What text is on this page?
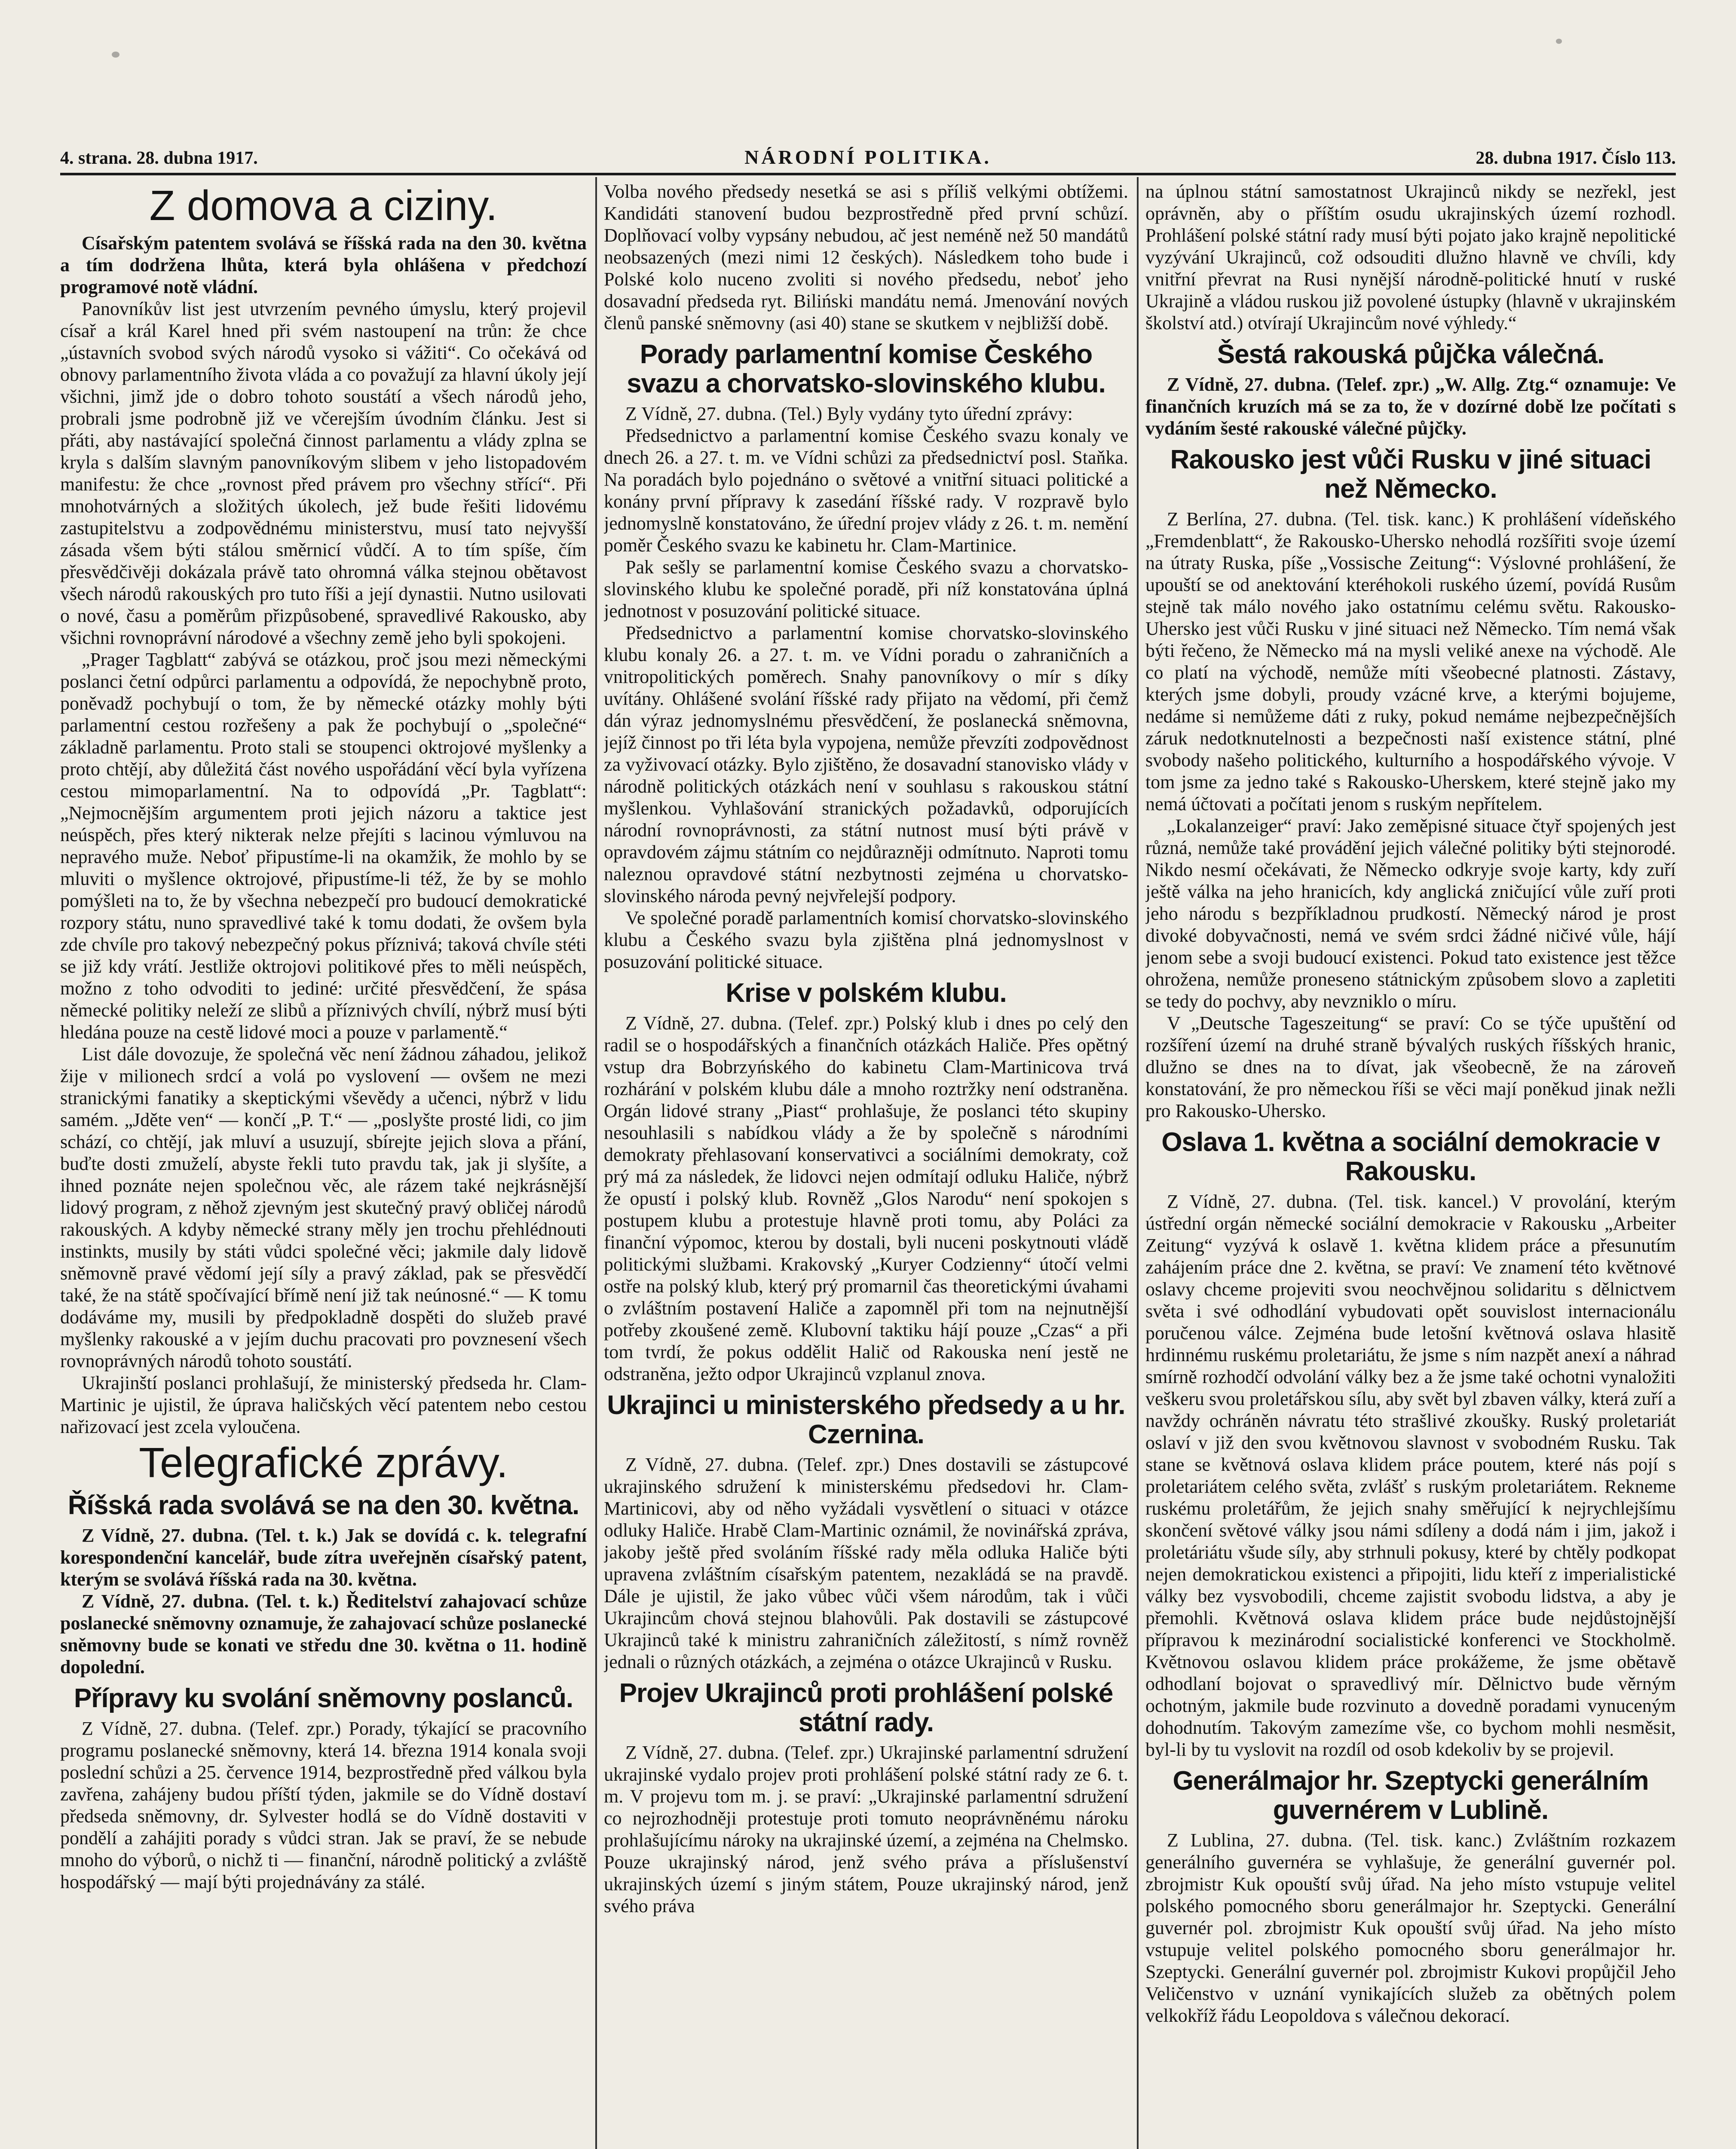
4. strana. 28. dubna 1917.	NÁRODNÍ POLITIKA.	28. dubna 1917. Číslo 113.
Z domova a ciziny.

Císařským patentem svolává se říšská rada na den 30. května a tím dodržena lhůta, která byla ohlášena v předchozí programové notě vládní.

Panovníkův list jest utvrzením pevného úmyslu, který projevil císař a král Karel hned při svém nastoupení na trůn: že chce „ústavních svobod svých národů vysoko si vážiti“. Co očekává od obnovy parlamentního života vláda a co považují za hlavní úkoly její všichni, jimž jde o dobro tohoto soustátí a všech národů jeho, probrali jsme podrobně již ve včerejším úvodním článku. Jest si přáti, aby nastávající společná činnost parlamentu a vlády zplna se kryla s dalším slavným panovníkovým slibem v jeho listopadovém manifestu: že chce „rovnost před právem pro všechny střící“. Při mnohotvárných a složitých úkolech, jež bude řešiti lidovému zastupitelstvu a zodpovědnému ministerstvu, musí tato nejvyšší zásada všem býti stálou směrnicí vůdčí. A to tím spíše, čím přesvědčivěji dokázala právě tato ohromná válka stejnou obětavost všech národů rakouských pro tuto říši a její dynastii. Nutno usilovati o nové, času a poměrům přizpůsobené, spravedlivé Rakousko, aby všichni rovnoprávní národové a všechny země jeho byli spokojeni.

„Prager Tagblatt“ zabývá se otázkou, proč jsou mezi německými poslanci četní odpůrci parlamentu a odpovídá, že nepochybně proto, poněvadž pochybují o tom, že by německé otázky mohly býti parlamentní cestou rozřešeny a pak že pochybují o „společné“ základně parlamentu. Proto stali se stoupenci oktrojové myšlenky a proto chtějí, aby důležitá část nového uspořádání věcí byla vyřízena cestou mimoparlamentní. Na to odpovídá „Pr. Tagblatt“: „Nejmocnějším argumentem proti jejich názoru a taktice jest neúspěch, přes který nikterak nelze přejíti s lacinou výmluvou na nepravého muže. Neboť připustíme-li na okamžik, že mohlo by se mluviti o myšlence oktrojové, připustíme-li též, že by se mohlo pomýšleti na to, že by všechna nebezpečí pro budoucí demokratické rozpory státu, nuno spravedlivé také k tomu dodati, že ovšem byla zde chvíle pro takový nebezpečný pokus příznivá; taková chvíle stéti se již kdy vrátí. Jestliže oktrojovi politikové přes to měli neúspěch, možno z toho odvoditi to jediné: určité přesvědčení, že spása německé politiky neleží ze slibů a příznivých chvílí, nýbrž musí býti hledána pouze na cestě lidové moci a pouze v parlamentě.“

List dále dovozuje, že společná věc není žádnou záhadou, jelikož žije v milionech srdcí a volá po vyslovení — ovšem ne mezi stranickými fanatiky a skeptickými vševědy a učenci, nýbrž v lidu samém. „Jděte ven“ — končí „P. T.“ — „poslyšte prosté lidi, co jim schází, co chtějí, jak mluví a usuzují, sbírejte jejich slova a přání, buďte dosti zmuželí, abyste řekli tuto pravdu tak, jak ji slyšíte, a ihned poznáte nejen společnou věc, ale rázem také nejkrásnější lidový program, z něhož zjevným jest skutečný pravý obličej národů rakouských. A kdyby německé strany měly jen trochu přehlédnouti instinkts, musily by státi vůdci společné věci; jakmile daly lidově sněmovně pravé vědomí její síly a pravý základ, pak se přesvědčí také, že na státě spočívající břímě není již tak neúnosné.“ — K tomu dodáváme my, musili by předpokladně dospěti do služeb pravé myšlenky rakouské a v jejím duchu pracovati pro povznesení všech rovnoprávných národů tohoto soustátí.

Ukrajinští poslanci prohlašují, že ministerský předseda hr. Clam-Martinic je ujistil, že úprava haličských věcí patentem nebo cestou nařizovací jest zcela vyloučena.

Telegrafické zprávy.
Říšská rada svolává se na den 30. května.

Z Vídně, 27. dubna. (Tel. t. k.) Jak se dovídá c. k. telegrafní korespondenční kancelář, bude zítra uveřejněn císařský patent, kterým se svolává říšská rada na 30. května.

Z Vídně, 27. dubna. (Tel. t. k.) Ředitelství zahajovací schůze poslanecké sněmovny oznamuje, že zahajovací schůze poslanecké sněmovny bude se konati ve středu dne 30. května o 11. hodině dopolední.

Přípravy ku svolání sněmovny poslanců.

Z Vídně, 27. dubna. (Telef. zpr.) Porady, týkající se pracovního programu poslanecké sněmovny, která 14. března 1914 konala svoji poslední schůzi a 25. července 1914, bezprostředně před válkou byla zavřena, zahájeny budou příští týden, jakmile se do Vídně dostaví předseda sněmovny, dr. Sylvester hodlá se do Vídně dostaviti v pondělí a zahájiti porady s vůdci stran. Jak se praví, že se nebude mnoho do výborů, o nichž ti — finanční, národně politický a zvláště hospodářský — mají býti projednávány za stálé.

Volba nového předsedy nesetká se asi s příliš velkými obtížemi. Kandidáti stanovení budou bezprostředně před první schůzí. Doplňovací volby vypsány nebudou, ač jest neméně než 50 mandátů neobsazených (mezi nimi 12 českých). Následkem toho bude i Polské kolo nuceno zvoliti si nového předsedu, neboť jeho dosavadní předseda ryt. Biliński mandátu nemá. Jmenování nových členů panské sněmovny (asi 40) stane se skutkem v nejbližší době.

Porady parlamentní komise Českého svazu a chorvatsko-slovinského klubu.

Z Vídně, 27. dubna. (Tel.) Byly vydány tyto úřední zprávy:

Předsednictvo a parlamentní komise Českého svazu konaly ve dnech 26. a 27. t. m. ve Vídni schůzi za předsednictví posl. Staňka. Na poradách bylo pojednáno o světové a vnitřní situaci politické a konány první přípravy k zasedání říšské rady. V rozpravě bylo jednomyslně konstatováno, že úřední projev vlády z 26. t. m. nemění poměr Českého svazu ke kabinetu hr. Clam-Martinice.

Pak sešly se parlamentní komise Českého svazu a chorvatsko-slovinského klubu ke společné poradě, při níž konstatována úplná jednotnost v posuzování politické situace.

Předsednictvo a parlamentní komise chorvatsko-slovinského klubu konaly 26. a 27. t. m. ve Vídni poradu o zahraničních a vnitropolitických poměrech. Snahy panovníkovy o mír s díky uvítány. Ohlášené svolání říšské rady přijato na vědomí, při čemž dán výraz jednomyslnému přesvědčení, že poslanecká sněmovna, jejíž činnost po tři léta byla vypojena, nemůže převzíti zodpovědnost za vyživovací otázky. Bylo zjištěno, že dosavadní stanovisko vlády v národně politických otázkách není v souhlasu s rakouskou státní myšlenkou. Vyhlašování stranických požadavků, odporujících národní rovnoprávnosti, za státní nutnost musí býti právě v opravdovém zájmu státním co nejdůrazněji odmítnuto. Naproti tomu naleznou opravdové státní nezbytnosti zejména u chorvatsko-slovinského národa pevný nejvřelejší podpory.

Ve společné poradě parlamentních komisí chorvatsko-slovinského klubu a Českého svazu byla zjištěna plná jednomyslnost v posuzování politické situace.

Krise v polském klubu.

Z Vídně, 27. dubna. (Telef. zpr.) Polský klub i dnes po celý den radil se o hospodářských a finančních otázkách Haliče. Přes opětný vstup dra Bobrzyńského do kabinetu Clam-Martinicova trvá rozhárání v polském klubu dále a mnoho roztržky není odstraněna. Orgán lidové strany „Piast“ prohlašuje, že poslanci této skupiny nesouhlasili s nabídkou vlády a že by společně s národními demokraty přehlasovaní konservativci a sociálními demokraty, což prý má za následek, že lidovci nejen odmítají odluku Haliče, nýbrž že opustí i polský klub. Rovněž „Glos Narodu“ není spokojen s postupem klubu a protestuje hlavně proti tomu, aby Poláci za finanční výpomoc, kterou by dostali, byli nuceni poskytnouti vládě politickými službami. Krakovský „Kuryer Codzienny“ útočí velmi ostře na polský klub, který prý promarnil čas theoretickými úvahami o zvláštním postavení Haliče a zapomněl při tom na nejnutnější potřeby zkoušené země. Klubovní taktiku hájí pouze „Czas“ a při tom tvrdí, že pokus oddělit Halič od Rakouska není jestě ne odstraněna, ježto odpor Ukrajinců vzplanul znova.

Ukrajinci u ministerského předsedy a u hr. Czernina.

Z Vídně, 27. dubna. (Telef. zpr.) Dnes dostavili se zástupcové ukrajinského sdružení k ministerskému předsedovi hr. Clam-Martinicovi, aby od něho vyžádali vysvětlení o situaci v otázce odluky Haliče. Hrabě Clam-Martinic oznámil, že novinářská zpráva, jakoby ještě před svoláním říšské rady měla odluka Haliče býti upravena zvláštním císařským patentem, nezakládá se na pravdě. Dále je ujistil, že jako vůbec vůči všem národům, tak i vůči Ukrajincům chová stejnou blahovůli. Pak dostavili se zástupcové Ukrajinců také k ministru zahraničních záležitostí, s nímž rovněž jednali o různých otázkách, a zejména o otázce Ukrajinců v Rusku.

Projev Ukrajinců proti prohlášení polské státní rady.

Z Vídně, 27. dubna. (Telef. zpr.) Ukrajinské parlamentní sdružení ukrajinské vydalo projev proti prohlášení polské státní rady ze 6. t. m. V projevu tom m. j. se praví: „Ukrajinské parlamentní sdružení co nejrozhodněji protestuje proti tomuto neoprávněnému nároku prohlašujícímu nároky na ukrajinské území, a zejména na Chelmsko. Pouze ukrajinský národ, jenž svého práva a příslušenství ukrajinských území s jiným státem, Pouze ukrajinský národ, jenž svého práva

na úplnou státní samostatnost Ukrajinců nikdy se nezřekl, jest oprávněn, aby o příštím osudu ukrajinských území rozhodl. Prohlášení polské státní rady musí býti pojato jako krajně nepolitické vyzývání Ukrajinců, což odsouditi dlužno hlavně ve chvíli, kdy vnitřní převrat na Rusi nynější národně-politické hnutí v ruské Ukrajině a vládou ruskou již povolené ústupky (hlavně v ukrajinském školství atd.) otvírají Ukrajincům nové výhledy.“

Šestá rakouská půjčka válečná.

Z Vídně, 27. dubna. (Telef. zpr.) „W. Allg. Ztg.“ oznamuje: Ve finančních kruzích má se za to, že v dozírné době lze počítati s vydáním šesté rakouské válečné půjčky.

Rakousko jest vůči Rusku v jiné situaci než Německo.

Z Berlína, 27. dubna. (Tel. tisk. kanc.) K prohlášení vídeňského „Fremdenblatt“, že Rakousko-Uhersko nehodlá rozšířiti svoje území na útraty Ruska, píše „Vossische Zeitung“: Výslovné prohlášení, že upouští se od anektování kteréhokoli ruského území, povídá Rusům stejně tak málo nového jako ostatnímu celému světu. Rakousko-Uhersko jest vůči Rusku v jiné situaci než Německo. Tím nemá však býti řečeno, že Německo má na mysli veliké anexe na východě. Ale co platí na východě, nemůže míti všeobecné platnosti. Zástavy, kterých jsme dobyli, proudy vzácné krve, a kterými bojujeme, nedáme si nemůžeme dáti z ruky, pokud nemáme nejbezpečnějších záruk nedotknutelnosti a bezpečnosti naší existence státní, plné svobody našeho politického, kulturního a hospodářského vývoje. V tom jsme za jedno také s Rakousko-Uherskem, které stejně jako my nemá účtovati a počítati jenom s ruským nepřítelem.

„Lokalanzeiger“ praví: Jako zeměpisné situace čtyř spojených jest různá, nemůže také provádění jejich válečné politiky býti stejnorodé. Nikdo nesmí očekávati, že Německo odkryje svoje karty, kdy zuří ještě válka na jeho hranicích, kdy anglická zničující vůle zuří proti jeho národu s bezpříkladnou prudkostí. Německý národ je prost divoké dobyvačnosti, nemá ve svém srdci žádné ničivé vůle, hájí jenom sebe a svoji budoucí existenci. Pokud tato existence jest těžce ohrožena, nemůže proneseno státnickým způsobem slovo a zapletiti se tedy do pochvy, aby nevzniklo o míru.

V „Deutsche Tageszeitung“ se praví: Co se týče upuštění od rozšíření území na druhé straně bývalých ruských říšských hranic, dlužno se dnes na to dívat, jak všeobecně, že na zároveň konstatování, že pro německou říši se věci mají poněkud jinak nežli pro Rakousko-Uhersko.

Oslava 1. května a sociální demokracie v Rakousku.

Z Vídně, 27. dubna. (Tel. tisk. kancel.) V provolání, kterým ústřední orgán německé sociální demokracie v Rakousku „Arbeiter Zeitung“ vyzývá k oslavě 1. května klidem práce a přesunutím zahájením práce dne 2. května, se praví: Ve znamení této květnové oslavy chceme projeviti svou neochvějnou solidaritu s dělnictvem světa i své odhodlání vybudovati opět souvislost internacionálu poručenou válce. Zejména bude letošní květnová oslava hlasitě hrdinnému ruskému proletariátu, že jsme s ním nazpět anexí a náhrad smírně rozhodčí odvolání války bez a že jsme také ochotni vynaložiti veškeru svou proletářskou sílu, aby svět byl zbaven války, která zuří a navždy ochráněn návratu této strašlivé zkoušky. Ruský proletariát oslaví v již den svou květnovou slavnost v svobodném Rusku. Tak stane se květnová oslava klidem práce poutem, které nás pojí s proletariátem celého světa, zvlášť s ruským proletariátem. Rekneme ruskému proletářům, že jejich snahy směřující k nejrychlejšímu skončení světové války jsou námi sdíleny a dodá nám i jim, jakož i proletáriátu všude síly, aby strhnuli pokusy, které by chtěly podkopat nejen demokratickou existenci a připojiti, lidu kteří z imperialistické války bez vysvobodili, chceme zajistit svobodu lidstva, a aby je přemohli. Květnová oslava klidem práce bude nejdůstojnější přípravou k mezinárodní socialistické konferenci ve Stockholmě. Květnovou oslavou klidem práce prokážeme, že jsme obětavě odhodlaní bojovat o spravedlivý mír. Dělnictvo bude věrným ochotným, jakmile bude rozvinuto a dovedně poradami vynuceným dohodnutím. Takovým zamezíme vše, co bychom mohli nesměsit, byl-li by tu vyslovit na rozdíl od osob kdekoliv by se projevil.

Generálmajor hr. Szeptycki generálním guvernérem v Lublině.

Z Lublina, 27. dubna. (Tel. tisk. kanc.) Zvláštním rozkazem generálního guvernéra se vyhlašuje, že generální guvernér pol. zbrojmistr Kuk opouští svůj úřad. Na jeho místo vstupuje velitel polského pomocného sboru generálmajor hr. Szeptycki. Generální guvernér pol. zbrojmistr Kuk opouští svůj úřad. Na jeho místo vstupuje velitel polského pomocného sboru generálmajor hr. Szeptycki. Generální guvernér pol. zbrojmistr Kukovi propůjčil Jeho Veličenstvo v uznání vynikajících služeb za obětných polem velkokříž řádu Leopoldova s válečnou dekorací.
